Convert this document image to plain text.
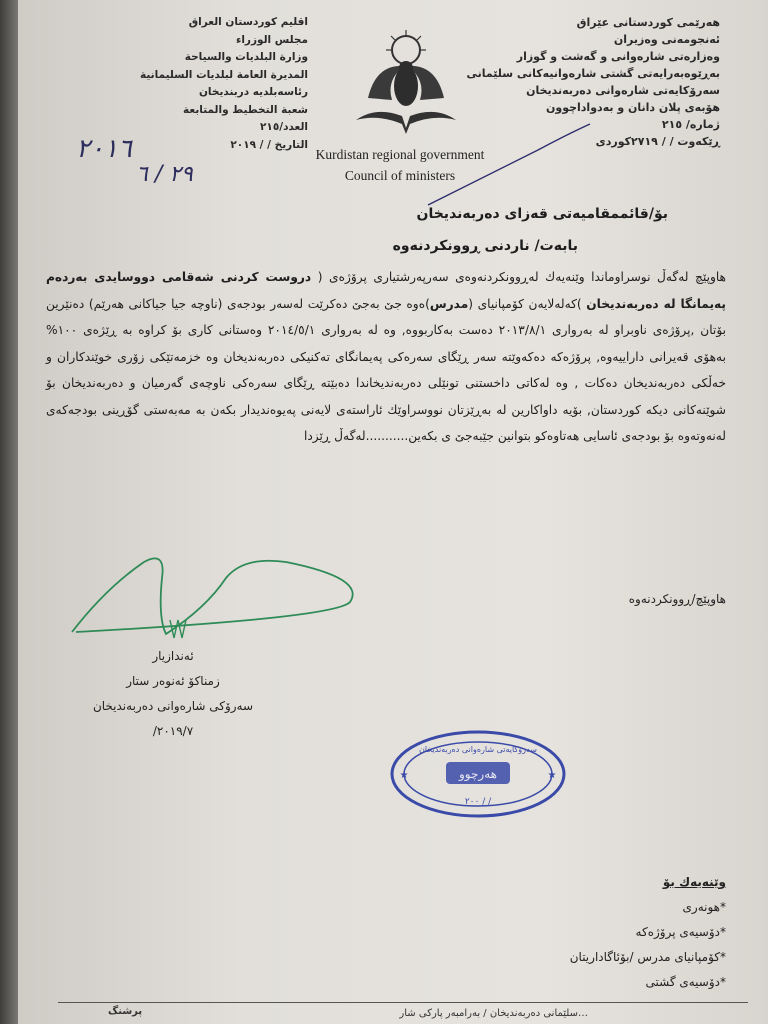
هەرێمی کوردستانی عێراق
ئەنجومەنی وەزیران
وەزارەتی شارەوانی و گەشت و گوزار
بەڕێوەبەرایەتی گشتی شارەوانیەکانی سلێمانی
سەرۆکایەتی شارەوانی دەربەندیخان
هۆبەی پلان دانان و بەدواداچوون
ژمارە/ ٢١٥
ڕێکەوت / / ٢٧١٩کوردی
اقليم كوردستان العراق
مجلس الوزراء
وزارة البلديات والسياحة
المديرة العامة لبلديات السليمانية
رئاسەبلديە دربنديخان
شعبة التخطيط والمتابعة
العدد/٢١٥
التاريخ / / ٢٠١٩
٢٠١٦
٢٩ / ٦
Kurdistan regional government
Council of ministers
بۆ/قائممقامیەتی قەزای دەربەندیخان
بابەت/ ناردنی ڕوونکردنەوە
هاوپێچ لەگەڵ نوسراوماندا وێنەیەك لەڕوونکردنەوەی سەرپەرشتیاری پرۆژەی ( دروست کردنی شەقامی دووسایدی بەردەم پەیمانگا لە دەربەندیخان )کەلەلایەن کۆمپانیای (مدرس)ەوە جێ بەجێ دەکرێت لەسەر بودجەی (ناوچە جیا جیاکانی هەرێم) دەنێرین بۆتان ,پرۆژەی ناوبراو لە بەرواری ٢٠١٣/٨/١ دەست بەکاربووە, وە لە بەرواری ٢٠١٤/٥/١ وەستانی کاری بۆ کراوە بە ڕێژەی ١٠٠% بەهۆی قەیرانی داراییەوە, پرۆژەکە دەکەوێتە سەر ڕێگای سەرەکی پەیمانگای تەکنیکی دەربەندیخان وە خزمەتێکی زۆری خوێندکاران و خەڵکی دەربەندیخان دەکات , وە لەکاتی داخستنی تونێلی دەربەندیخاندا دەبێتە ڕێگای سەرەکی ناوچەی گەرمیان و دەربەندیخان بۆ شوێنەکانی دیکە کوردستان, بۆیە داواکارین لە بەڕێزتان نووسراوێك ئاراستەی لایەنی پەیوەندیدار بکەن بە مەبەستی گۆڕینی بودجەکەی لەنەوتەوە بۆ بودجەی ئاسایی هەتاوەکو بتوانین جێبەجێ ی بکەین...........لەگەڵ ڕێزدا
هاوپێچ/ڕوونکردنەوە
ئەندازیار
زمناکۆ ئەنوەر ستار
سەرۆکی شارەوانی دەربەندیخان
٢٠١٩/٧/
هەرچوو
سەرۆکایەتی شارەوانی دەربەندیخان
٢٠٠ / /
★	★
وێنەیەك بۆ
*هونەری
*دۆسیەی پرۆژەکە
*کۆمپانیای مدرس /بۆئاگاداریتان
*دۆسیەی گشتی
پرشنگ	…سلێمانی دەربەندیخان / بەرامبەر پارکی شار
